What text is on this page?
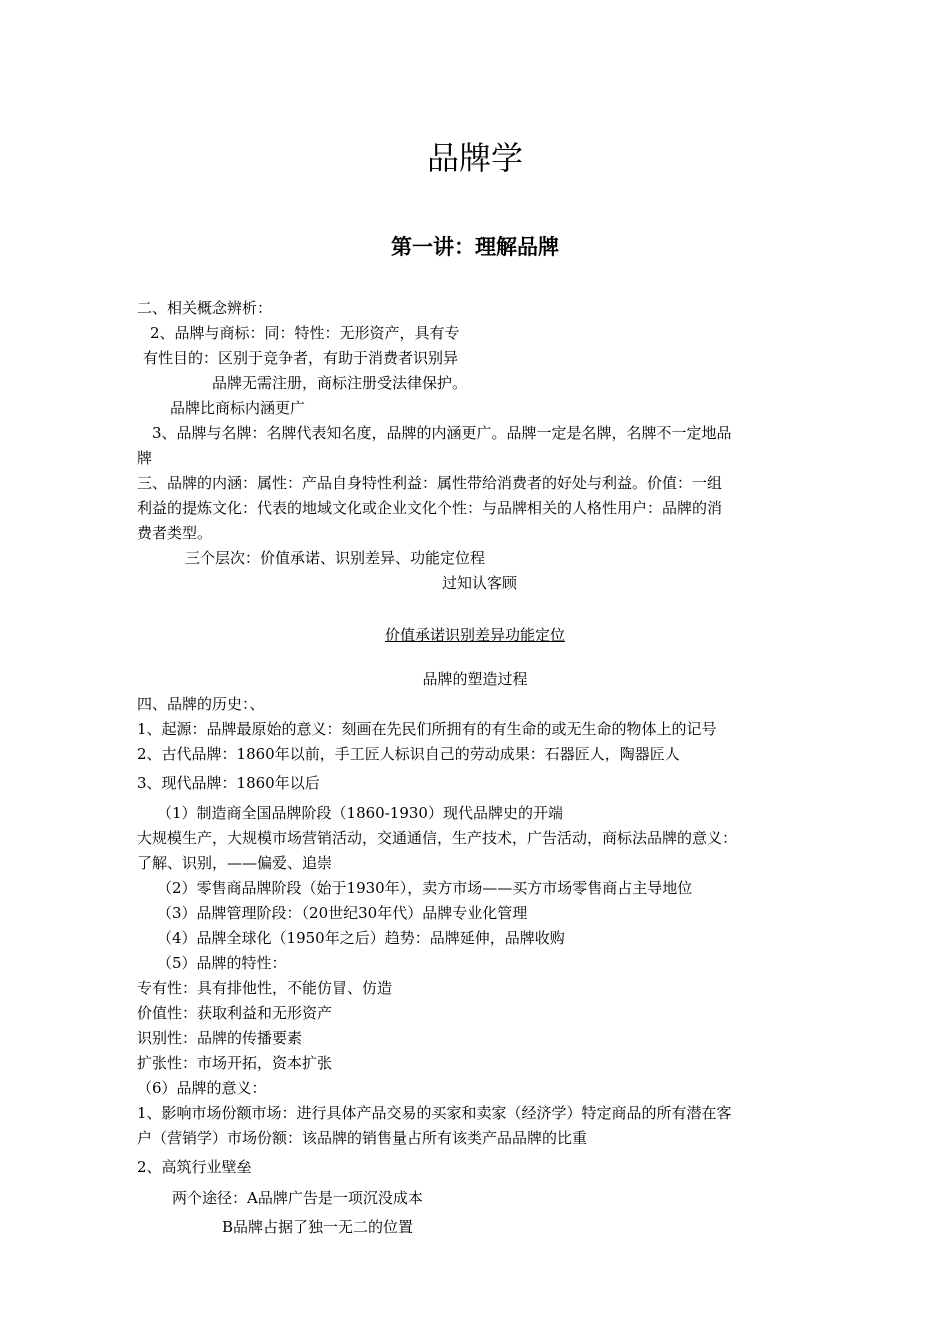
品牌学
第一讲：理解品牌
二、相关概念辨析：
2、品牌与商标：同：特性：无形资产，具有专
有性目的：区别于竞争者，有助于消费者识别异
品牌无需注册，商标注册受法律保护。
品牌比商标内涵更广
3、品牌与名牌：名牌代表知名度，品牌的内涵更广。品牌一定是名牌，名牌不一定地品
牌
三、品牌的内涵：属性：产品自身特性利益：属性带给消费者的好处与利益。价值：一组
利益的提炼文化：代表的地域文化或企业文化个性：与品牌相关的人格性用户：品牌的消
费者类型。
三个层次：价值承诺、识别差异、功能定位程
过知认客顾
价值承诺识别差异功能定位
品牌的塑造过程
四、品牌的历史：、
1、起源：品牌最原始的意义：刻画在先民们所拥有的有生命的或无生命的物体上的记号
2、古代品牌：1860年以前，手工匠人标识自己的劳动成果：石器匠人，陶器匠人
3、现代品牌：1860年以后
（1）制造商全国品牌阶段（1860-1930）现代品牌史的开端
大规模生产，大规模市场营销活动，交通通信，生产技术，广告活动，商标法品牌的意义：
了解、识别，——偏爱、追崇
（2）零售商品牌阶段（始于1930年），卖方市场——买方市场零售商占主导地位
（3）品牌管理阶段：（20世纪30年代）品牌专业化管理
（4）品牌全球化（1950年之后）趋势：品牌延伸，品牌收购
（5）品牌的特性：
专有性：具有排他性，不能仿冒、仿造
价值性：获取利益和无形资产
识别性：品牌的传播要素
扩张性：市场开拓，资本扩张
（6）品牌的意义：
1、影响市场份额市场：进行具体产品交易的买家和卖家（经济学）特定商品的所有潜在客
户（营销学）市场份额：该品牌的销售量占所有该类产品品牌的比重
2、高筑行业壁垒
两个途径：A品牌广告是一项沉没成本
B品牌占据了独一无二的位置
